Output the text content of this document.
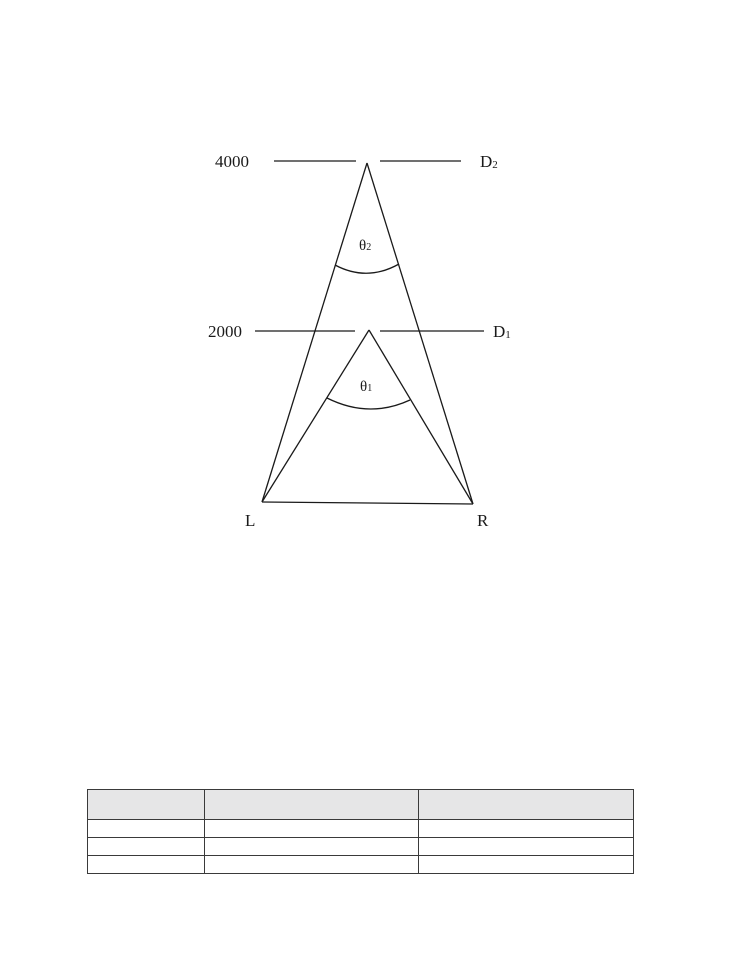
4000
2000
D2
D1
θ2
θ1
L	R
